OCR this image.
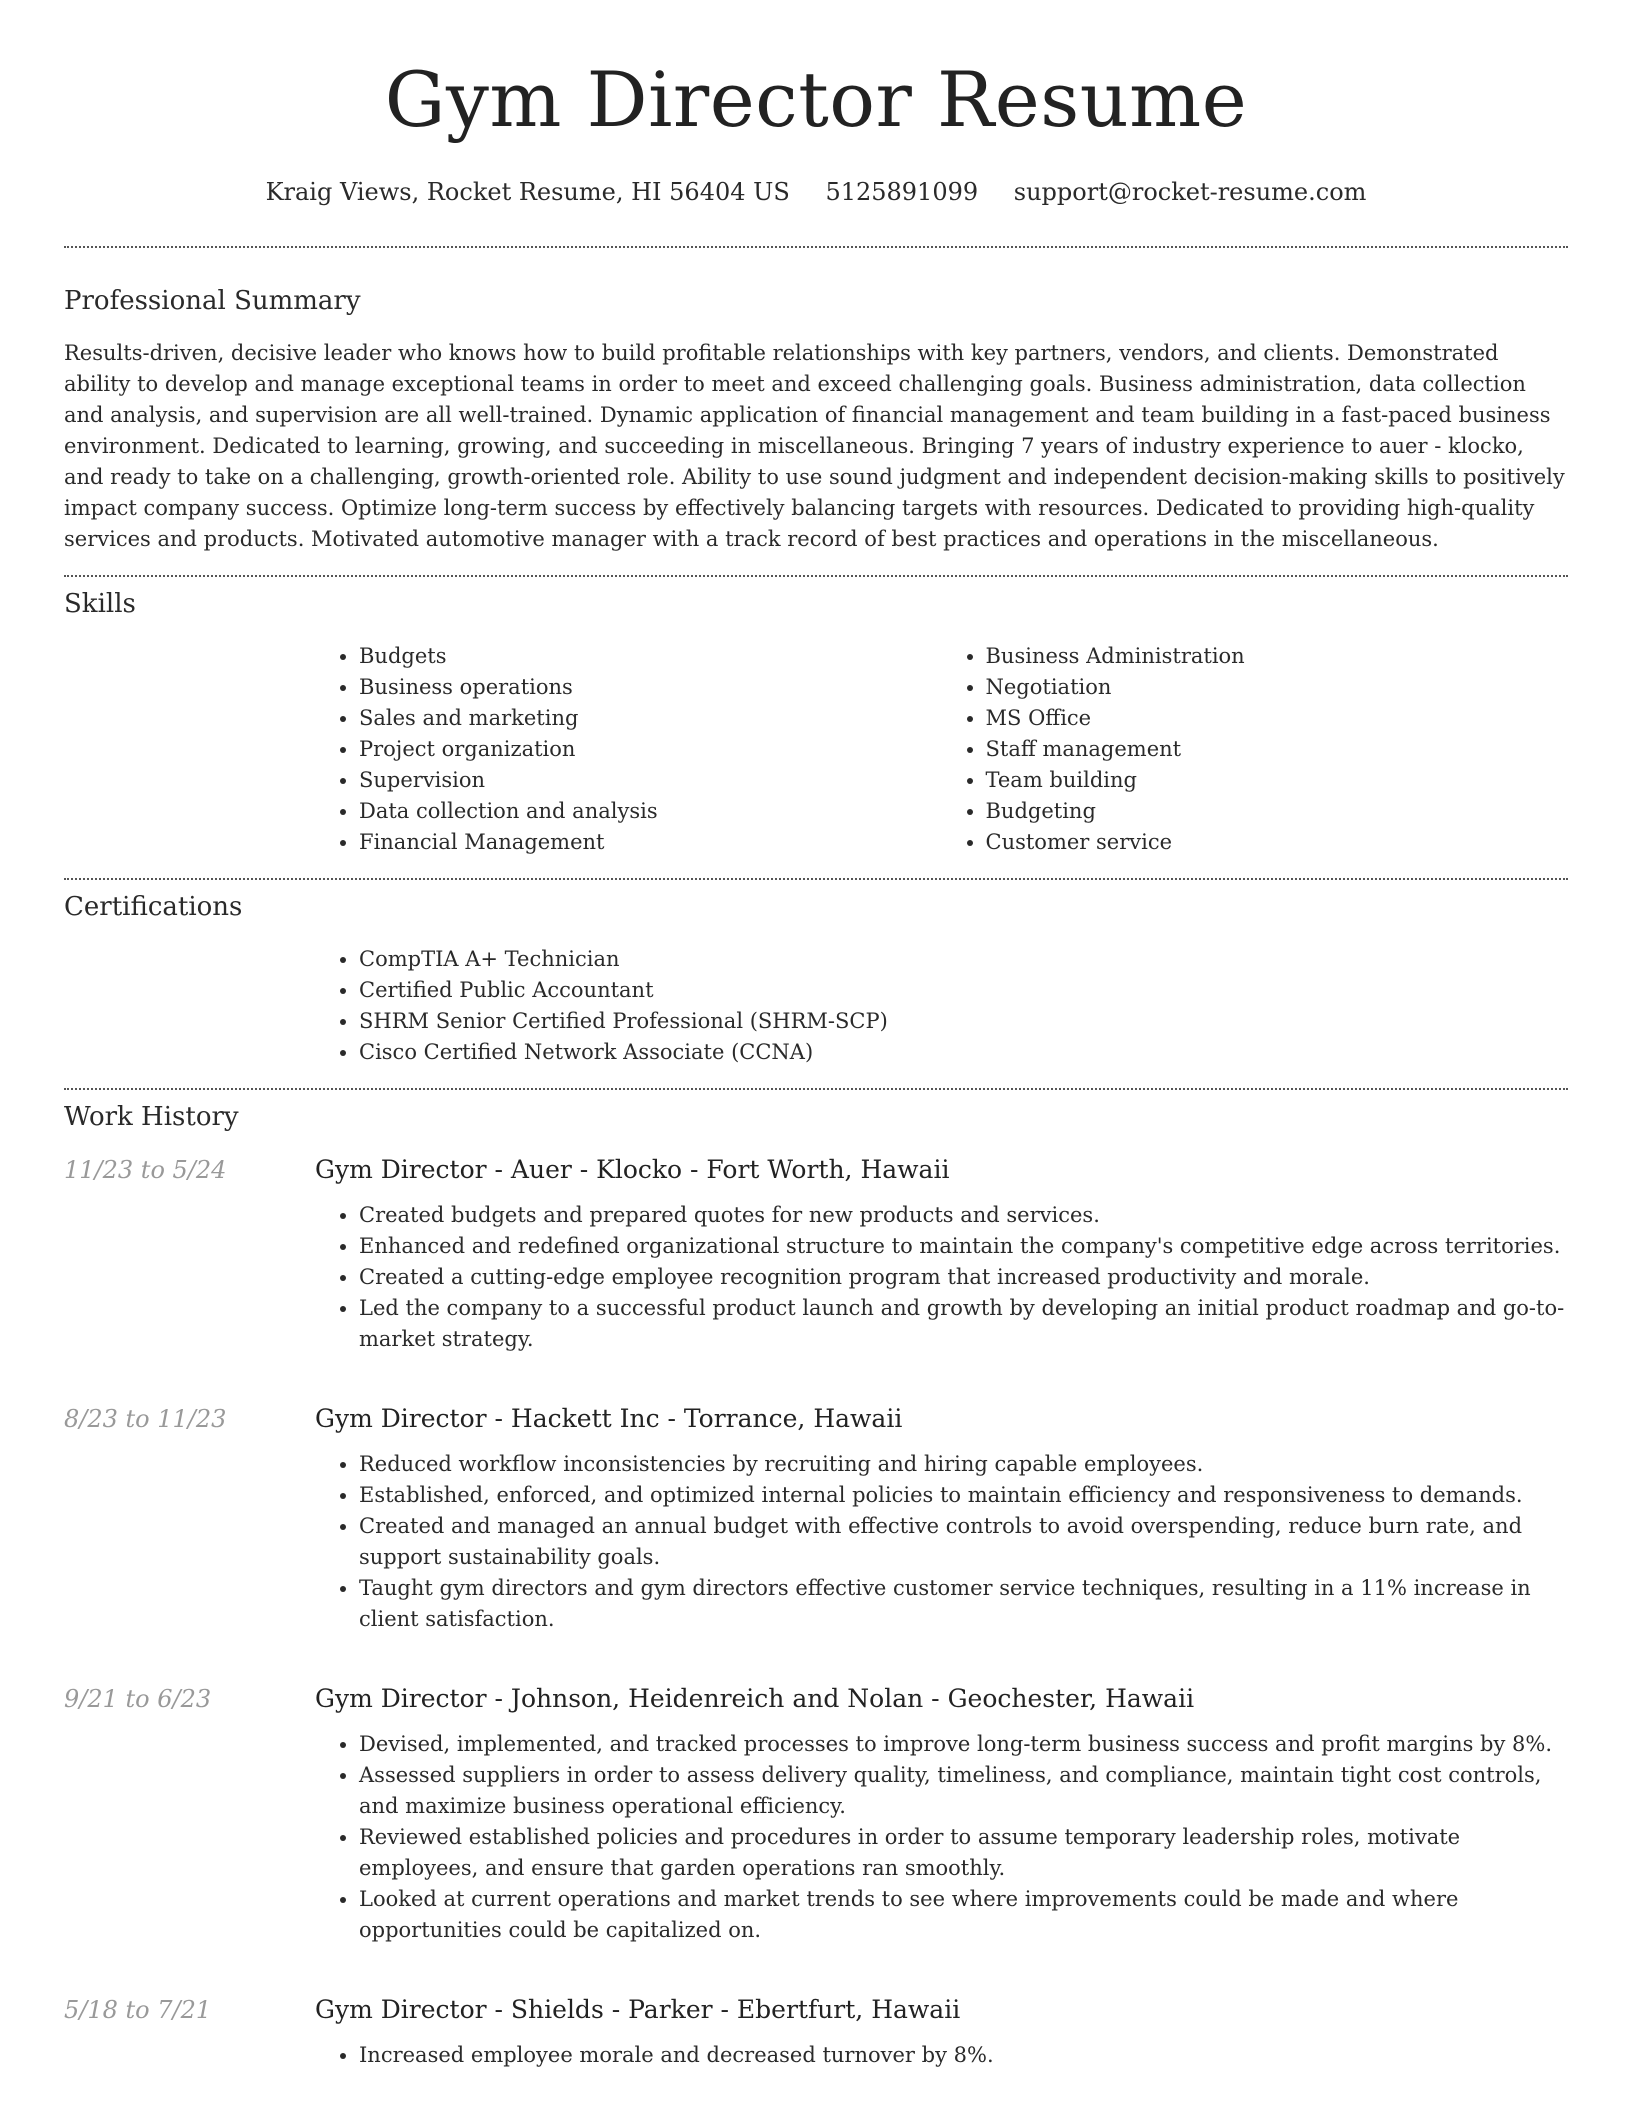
Gym Director Resume
Kraig Views, Rocket Resume, HI 56404 US 5125891099 support@rocket-resume.com
Professional Summary

Results-driven, decisive leader who knows how to build profitable relationships with key partners, vendors, and clients. Demonstrated ability to develop and manage exceptional teams in order to meet and exceed challenging goals. Business administration, data collection and analysis, and supervision are all well-trained. Dynamic application of financial management and team building in a fast-paced business environment. Dedicated to learning, growing, and succeeding in miscellaneous. Bringing 7 years of industry experience to auer - klocko, and ready to take on a challenging, growth-oriented role. Ability to use sound judgment and independent decision-making skills to positively impact company success. Optimize long-term success by effectively balancing targets with resources. Dedicated to providing high-quality services and products. Motivated automotive manager with a track record of best practices and operations in the miscellaneous.

Skills
• Budgets
• Business operations
• Sales and marketing
• Project organization
• Supervision
• Data collection and analysis
• Financial Management
• Business Administration
• Negotiation
• MS Office
• Staff management
• Team building
• Budgeting
• Customer service
Certifications
• CompTIA A+ Technician
• Certified Public Accountant
• SHRM Senior Certified Professional (SHRM-SCP)
• Cisco Certified Network Associate (CCNA)
Work History
11/23 to 5/24	Gym Director - Auer - Klocko - Fort Worth, Hawaii
• Created budgets and prepared quotes for new products and services.
• Enhanced and redefined organizational structure to maintain the company's competitive edge across territories.
• Created a cutting-edge employee recognition program that increased productivity and morale.
• Led the company to a successful product launch and growth by developing an initial product roadmap and go-to-market strategy.
8/23 to 11/23	Gym Director - Hackett Inc - Torrance, Hawaii
• Reduced workflow inconsistencies by recruiting and hiring capable employees.
• Established, enforced, and optimized internal policies to maintain efficiency and responsiveness to demands.
• Created and managed an annual budget with effective controls to avoid overspending, reduce burn rate, and support sustainability goals.
• Taught gym directors and gym directors effective customer service techniques, resulting in a 11% increase in client satisfaction.
9/21 to 6/23	Gym Director - Johnson, Heidenreich and Nolan - Geochester, Hawaii
• Devised, implemented, and tracked processes to improve long-term business success and profit margins by 8%.
• Assessed suppliers in order to assess delivery quality, timeliness, and compliance, maintain tight cost controls, and maximize business operational efficiency.
• Reviewed established policies and procedures in order to assume temporary leadership roles, motivate employees, and ensure that garden operations ran smoothly.
• Looked at current operations and market trends to see where improvements could be made and where opportunities could be capitalized on.
5/18 to 7/21	Gym Director - Shields - Parker - Ebertfurt, Hawaii
• Increased employee morale and decreased turnover by 8%.
